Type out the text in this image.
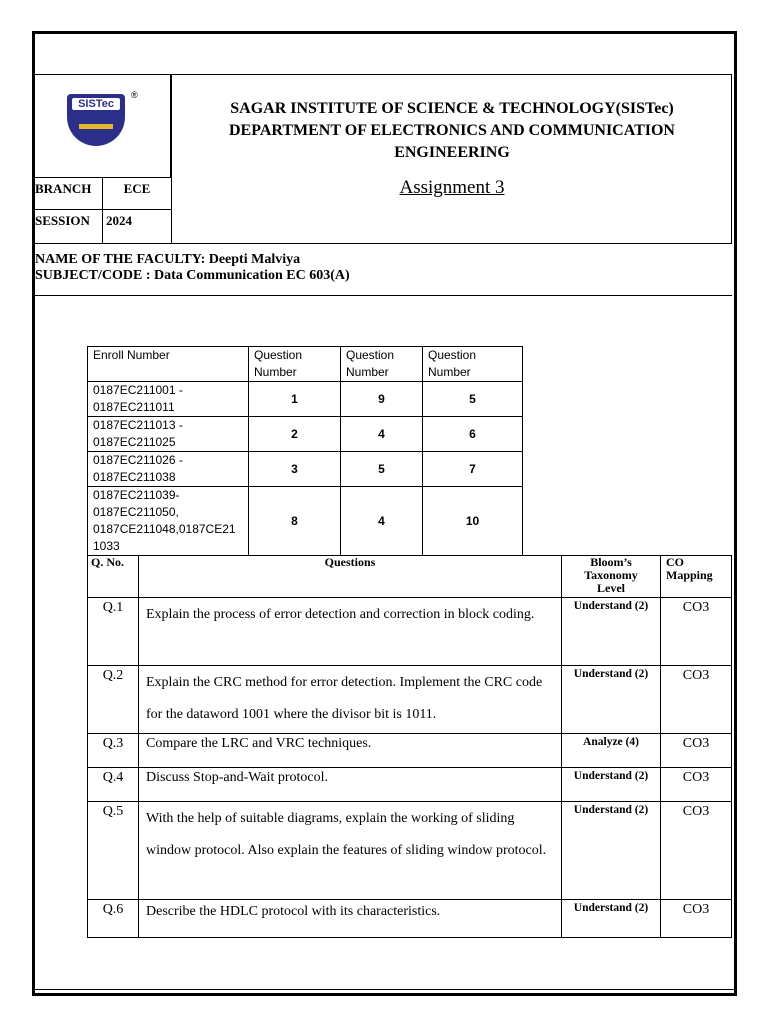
SISTec
®
BRANCH	ECE
SESSION	2024
SAGAR INSTITUTE OF SCIENCE & TECHNOLOGY(SISTec)
DEPARTMENT OF ELECTRONICS AND COMMUNICATION ENGINEERING
Assignment 3
NAME OF THE FACULTY: Deepti Malviya
SUBJECT/CODE : Data Communication EC 603(A)
Enroll Number	Question Number	Question Number	Question Number
0187EC211001 - 0187EC211011	1	9	5
0187EC211013 - 0187EC211025	2	4	6
0187EC211026 - 0187EC211038	3	5	7
0187EC211039- 0187EC211050, 0187CE211048,0187CE21 1033	8	4	10
Q. No.	Questions	Bloom’s Taxonomy Level	CO Mapping
Q.1	Explain the process of error detection and correction in block coding.	Understand (2)	CO3
Q.2	Explain the CRC method for error detection. Implement the CRC code for the dataword 1001 where the divisor bit is 1011.	Understand (2)	CO3
Q.3	Compare the LRC and VRC techniques.	Analyze (4)	CO3
Q.4	Discuss Stop-and-Wait protocol.	Understand (2)	CO3
Q.5	With the help of suitable diagrams, explain the working of sliding window protocol. Also explain the features of sliding window protocol.	Understand (2)	CO3
Q.6	Describe the HDLC protocol with its characteristics.	Understand (2)	CO3
